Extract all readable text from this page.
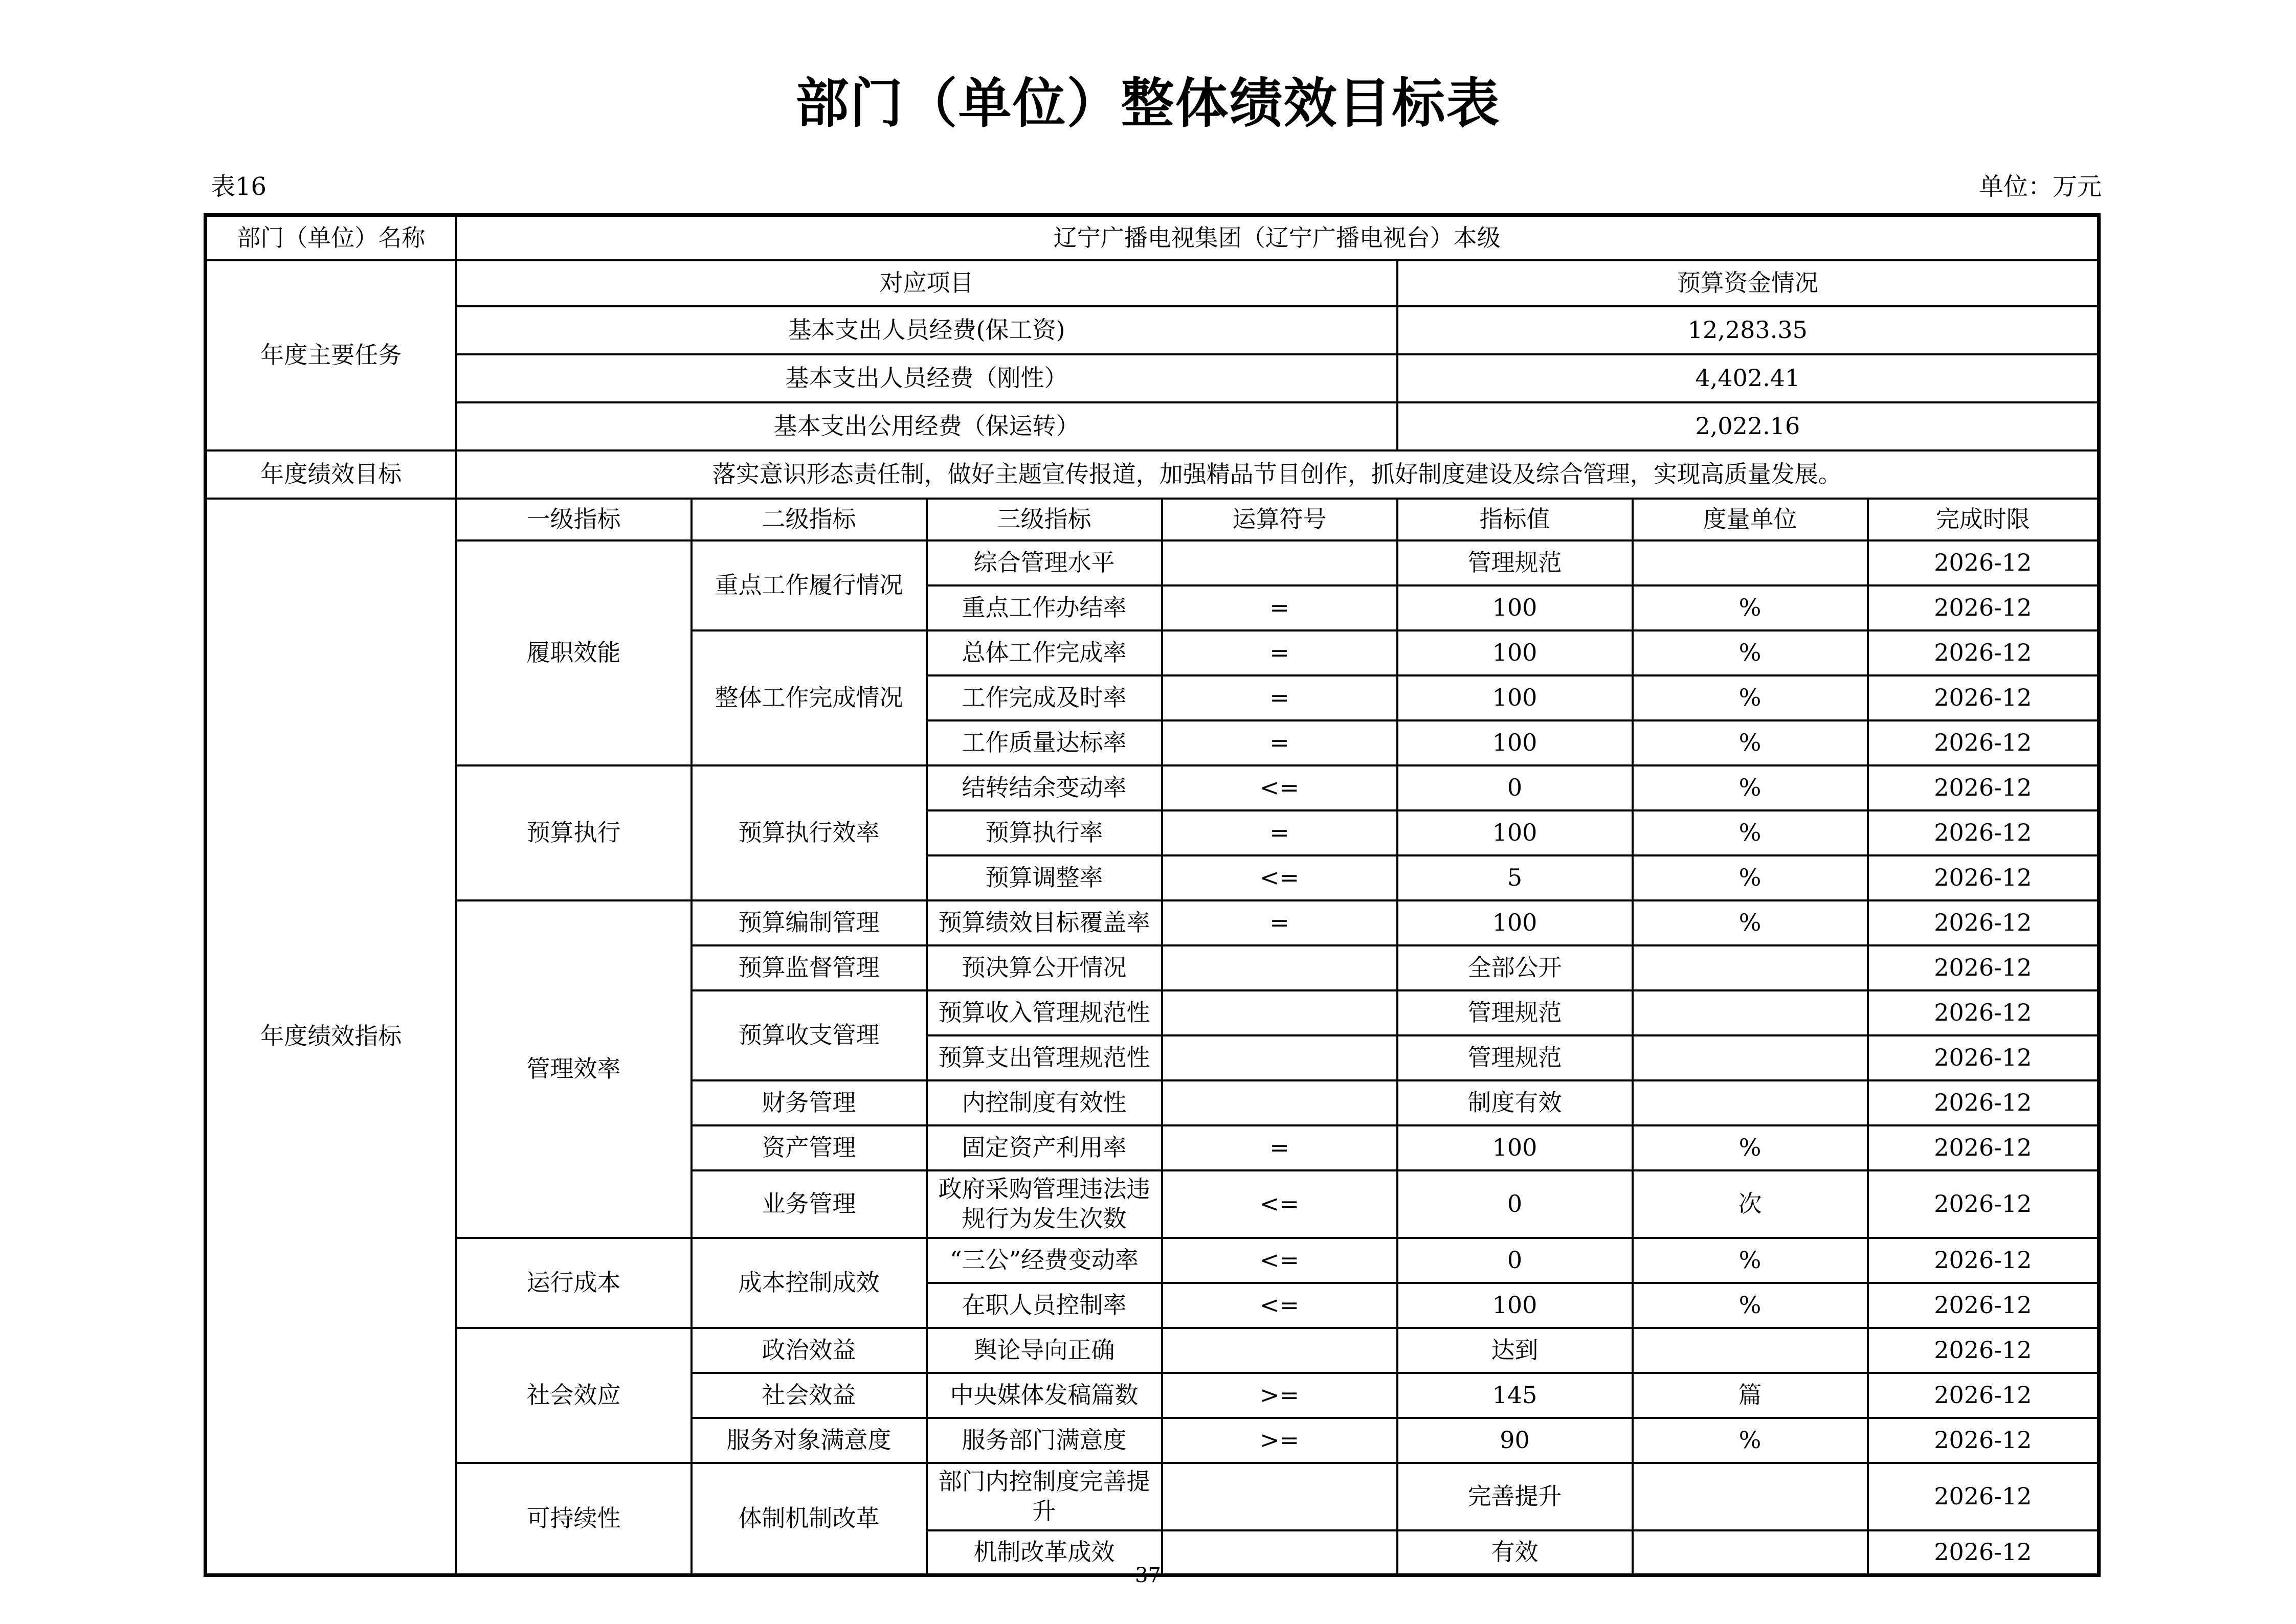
部门（单位）整体绩效目标表
表16	单位：万元
部门（单位）名称	辽宁广播电视集团（辽宁广播电视台）本级						
年度主要任务	对应项目				预算资金情况		
	基本支出人员经费(保工资)				12,283.35		
	基本支出人员经费（刚性）				4,402.41		
	基本支出公用经费（保运转）				2,022.16		
年度绩效目标	落实意识形态责任制，做好主题宣传报道，加强精品节目创作，抓好制度建设及综合管理，实现高质量发展。						
年度绩效指标	一级指标	二级指标	三级指标	运算符号	指标值	度量单位	完成时限
	履职效能	重点工作履行情况	综合管理水平		管理规范		2026-12
			重点工作办结率	=	100	%	2026-12
		整体工作完成情况	总体工作完成率	=	100	%	2026-12
			工作完成及时率	=	100	%	2026-12
			工作质量达标率	=	100	%	2026-12
	预算执行	预算执行效率	结转结余变动率	<=	0	%	2026-12
			预算执行率	=	100	%	2026-12
			预算调整率	<=	5	%	2026-12
	管理效率	预算编制管理	预算绩效目标覆盖率	=	100	%	2026-12
		预算监督管理	预决算公开情况		全部公开		2026-12
		预算收支管理	预算收入管理规范性		管理规范		2026-12
			预算支出管理规范性		管理规范		2026-12
		财务管理	内控制度有效性		制度有效		2026-12
		资产管理	固定资产利用率	=	100	%	2026-12
		业务管理	政府采购管理违法违规行为发生次数	<=	0	次	2026-12
	运行成本	成本控制成效	“三公”经费变动率	<=	0	%	2026-12
			在职人员控制率	<=	100	%	2026-12
	社会效应	政治效益	舆论导向正确		达到		2026-12
		社会效益	中央媒体发稿篇数	>=	145	篇	2026-12
		服务对象满意度	服务部门满意度	>=	90	%	2026-12
	可持续性	体制机制改革	部门内控制度完善提升		完善提升		2026-12
			机制改革成效		有效		2026-12
37
